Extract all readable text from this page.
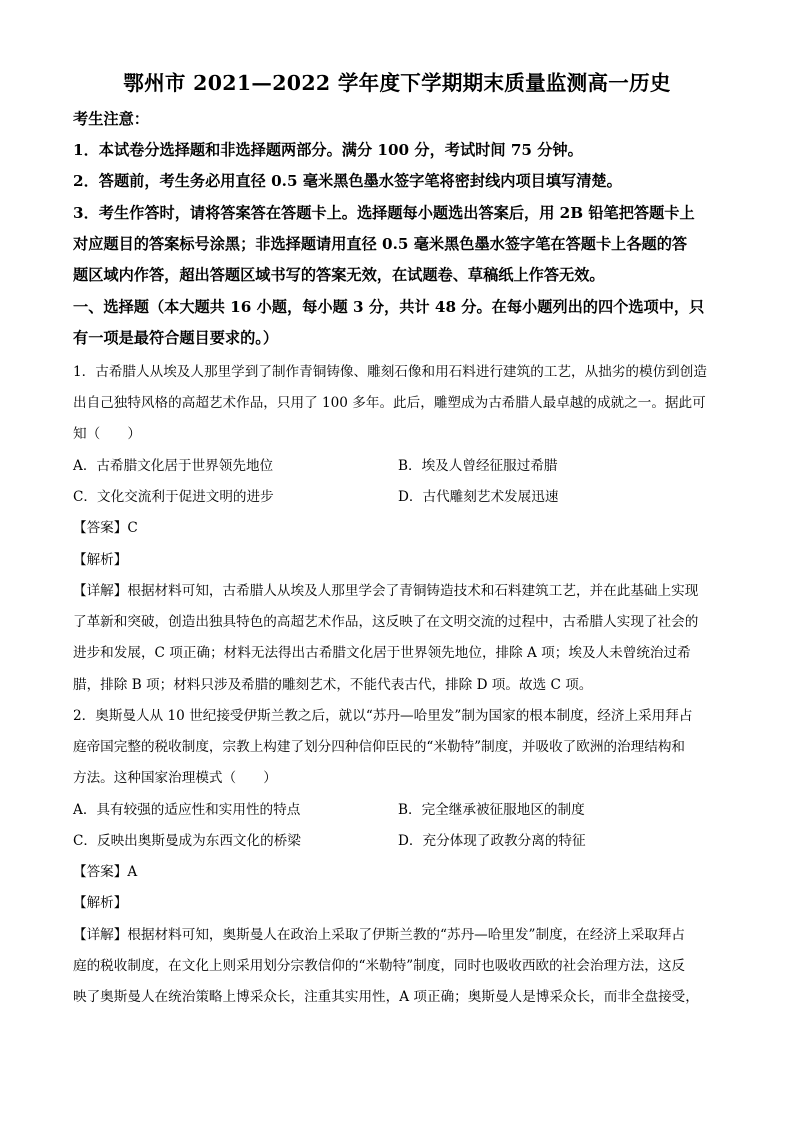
鄂州市 2021—2022 学年度下学期期末质量监测高一历史
考生注意：
1．本试卷分选择题和非选择题两部分。满分 100 分，考试时间 75 分钟。
2．答题前，考生务必用直径 0.5 毫米黑色墨水签字笔将密封线内项目填写清楚。
3．考生作答时，请将答案答在答题卡上。选择题每小题选出答案后，用 2B 铅笔把答题卡上
对应题目的答案标号涂黑；非选择题请用直径 0.5 毫米黑色墨水签字笔在答题卡上各题的答
题区域内作答，超出答题区域书写的答案无效，在试题卷、草稿纸上作答无效。
一、选择题（本大题共 16 小题，每小题 3 分，共计 48 分。在每小题列出的四个选项中，只
有一项是最符合题目要求的。）
1．古希腊人从埃及人那里学到了制作青铜铸像、雕刻石像和用石料进行建筑的工艺，从拙劣的模仿到创造
出自己独特风格的高超艺术作品，只用了 100 多年。此后，雕塑成为古希腊人最卓越的成就之一。据此可
知（　　）
A．古希腊文化居于世界领先地位	B．埃及人曾经征服过希腊
C．文化交流利于促进文明的进步	D．古代雕刻艺术发展迅速
【答案】C
【解析】
【详解】根据材料可知，古希腊人从埃及人那里学会了青铜铸造技术和石料建筑工艺，并在此基础上实现
了革新和突破，创造出独具特色的高超艺术作品，这反映了在文明交流的过程中，古希腊人实现了社会的
进步和发展，C 项正确；材料无法得出古希腊文化居于世界领先地位，排除 A 项；埃及人未曾统治过希
腊，排除 B 项；材料只涉及希腊的雕刻艺术，不能代表古代，排除 D 项。故选 C 项。
2．奥斯曼人从 10 世纪接受伊斯兰教之后，就以“苏丹—哈里发”制为国家的根本制度，经济上采用拜占
庭帝国完整的税收制度，宗教上构建了划分四种信仰臣民的“米勒特”制度，并吸收了欧洲的治理结构和
方法。这种国家治理模式（　　）
A．具有较强的适应性和实用性的特点	B．完全继承被征服地区的制度
C．反映出奥斯曼成为东西文化的桥梁	D．充分体现了政教分离的特征
【答案】A
【解析】
【详解】根据材料可知，奥斯曼人在政治上采取了伊斯兰教的“苏丹—哈里发”制度，在经济上采取拜占
庭的税收制度，在文化上则采用划分宗教信仰的“米勒特”制度，同时也吸收西欧的社会治理方法，这反
映了奥斯曼人在统治策略上博采众长，注重其实用性，A 项正确；奥斯曼人是博采众长，而非全盘接受，
